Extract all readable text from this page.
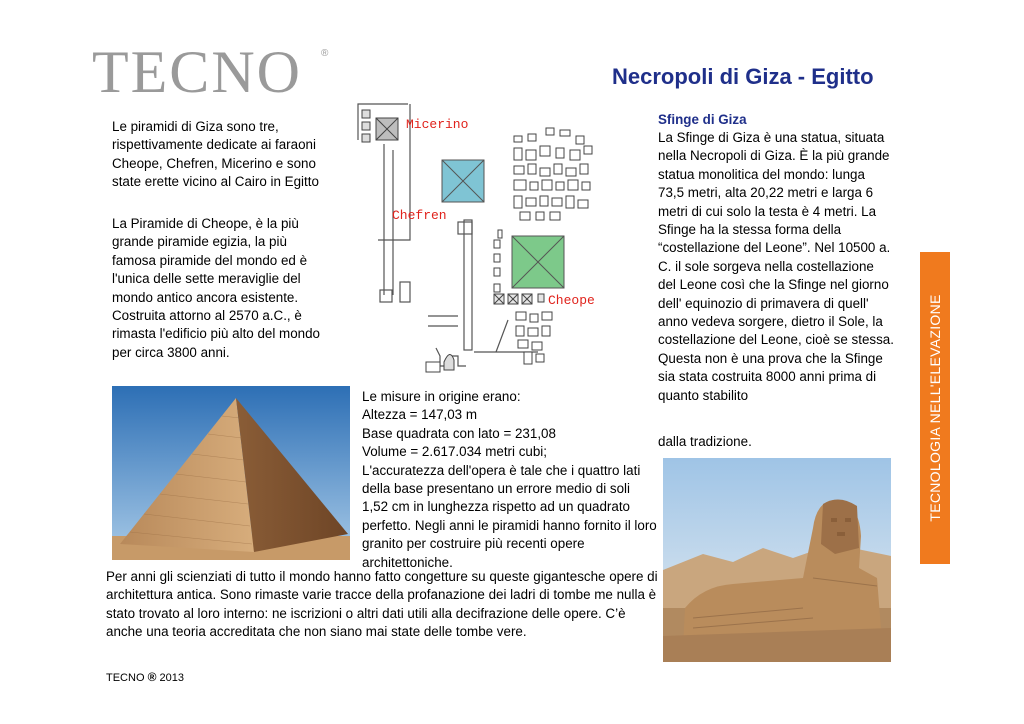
TECNO ®
Necropoli di Giza - Egitto
Le piramidi di Giza sono tre, rispettivamente dedicate ai faraoni Cheope, Chefren, Micerino e sono state erette vicino al Cairo in Egitto
La Piramide di Cheope, è la più grande piramide egizia, la più famosa piramide del mondo ed è l'unica delle sette meraviglie del mondo antico ancora esistente. Costruita attorno al 2570 a.C., è rimasta l'edificio più alto del mondo per circa 3800 anni.
Micerino
Chefren
Cheope
Le misure in origine erano:
Altezza = 147,03 m
Base quadrata con lato = 231,08
Volume = 2.617.034 metri cubi;
L'accuratezza dell'opera è tale che i quattro lati della base presentano un errore medio di soli 1,52 cm in lunghezza rispetto ad un quadrato perfetto. Negli anni le piramidi hanno fornito il loro granito per costruire più recenti opere architettoniche.
Per anni gli scienziati di tutto il mondo hanno fatto congetture su queste gigantesche opere di architettura antica. Sono rimaste varie tracce della profanazione dei ladri di tombe me nulla è stato trovato al loro interno: ne iscrizioni o altri dati utili alla decifrazione delle opere. C’è anche una teoria accreditata che non siano mai state delle tombe vere.
Sfinge di Giza
La Sfinge di Giza è una statua, situata nella Necropoli di Giza. È la più grande statua monolitica del mondo: lunga 73,5 metri, alta 20,22 metri e larga 6 metri di cui solo la testa è 4 metri. La Sfinge ha la stessa forma della “costellazione del Leone”. Nel 10500 a. C. il sole sorgeva nella costellazione del Leone così che la Sfinge nel giorno dell' equinozio di primavera di quell' anno vedeva sorgere, dietro il Sole, la costellazione del Leone, cioè se stessa. Questa non è una prova che la Sfinge sia stata costruita 8000 anni prima di quanto stabilito
dalla tradizione.	TECNOLOGIA NELL'ELEVAZIONE
TECNO ® 2013
